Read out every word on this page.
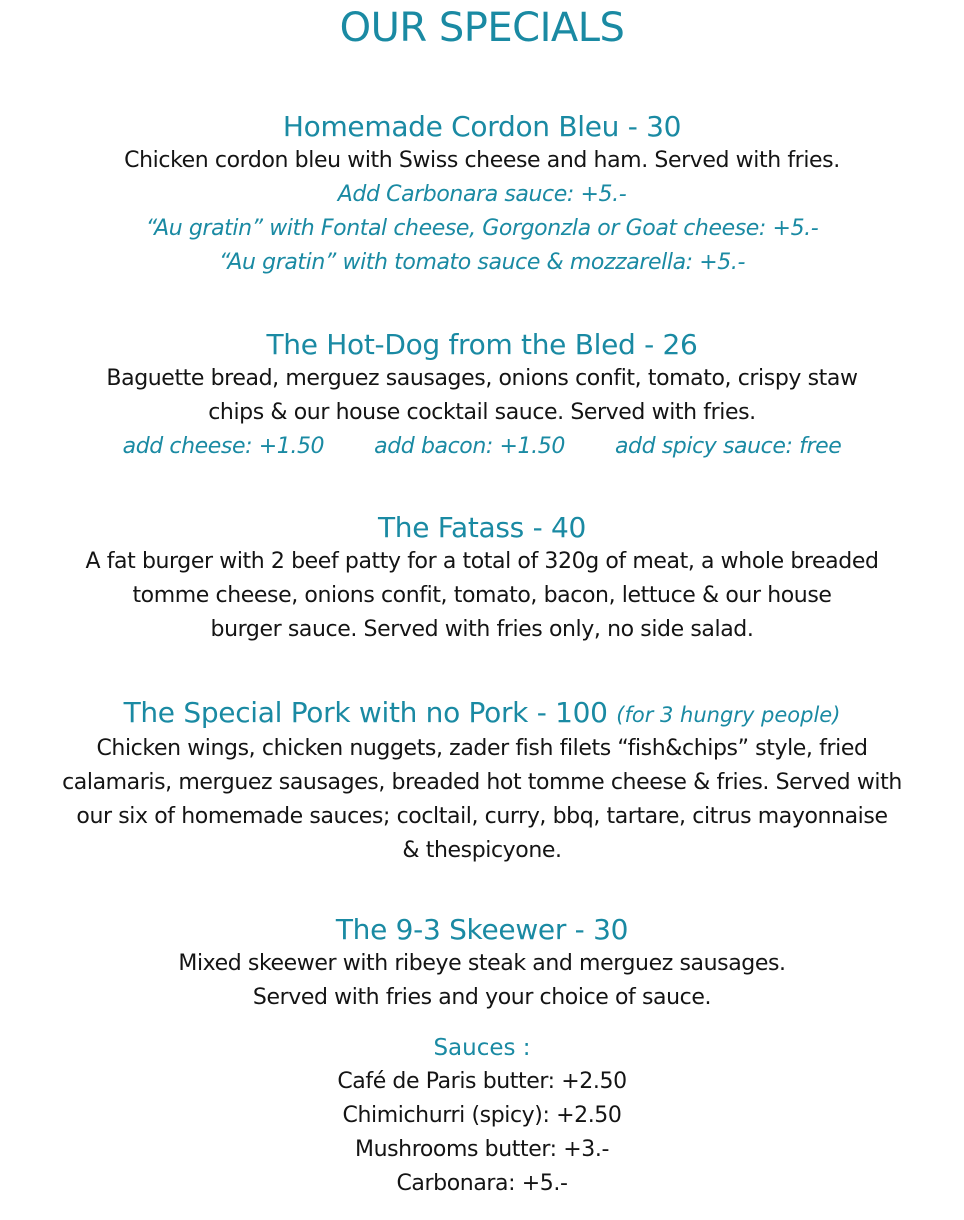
OUR SPECIALS

Homemade Cordon Bleu - 30

Chicken cordon bleu with Swiss cheese and ham. Served with fries.

Add Carbonara sauce: +5.-

“Au gratin” with Fontal cheese, Gorgonzla or Goat cheese: +5.-

“Au gratin” with tomato sauce & mozzarella: +5.-

The Hot-Dog from the Bled - 26

Baguette bread, merguez sausages, onions confit, tomato, crispy staw

chips & our house cocktail sauce. Served with fries.

add cheese: +1.50 add bacon: +1.50 add spicy sauce: free

The Fatass - 40

A fat burger with 2 beef patty for a total of 320g of meat, a whole breaded

tomme cheese, onions confit, tomato, bacon, lettuce & our house

burger sauce. Served with fries only, no side salad.

The Special Pork with no Pork - 100 (for 3 hungry people)

Chicken wings, chicken nuggets, zader fish filets “fish&chips” style, fried

calamaris, merguez sausages, breaded hot tomme cheese & fries. Served with

our six of homemade sauces; cocltail, curry, bbq, tartare, citrus mayonnaise

& thespicyone.

The 9-3 Skeewer - 30

Mixed skeewer with ribeye steak and merguez sausages.

Served with fries and your choice of sauce.

Sauces :

Café de Paris butter: +2.50

Chimichurri (spicy): +2.50

Mushrooms butter: +3.-

Carbonara: +5.-
